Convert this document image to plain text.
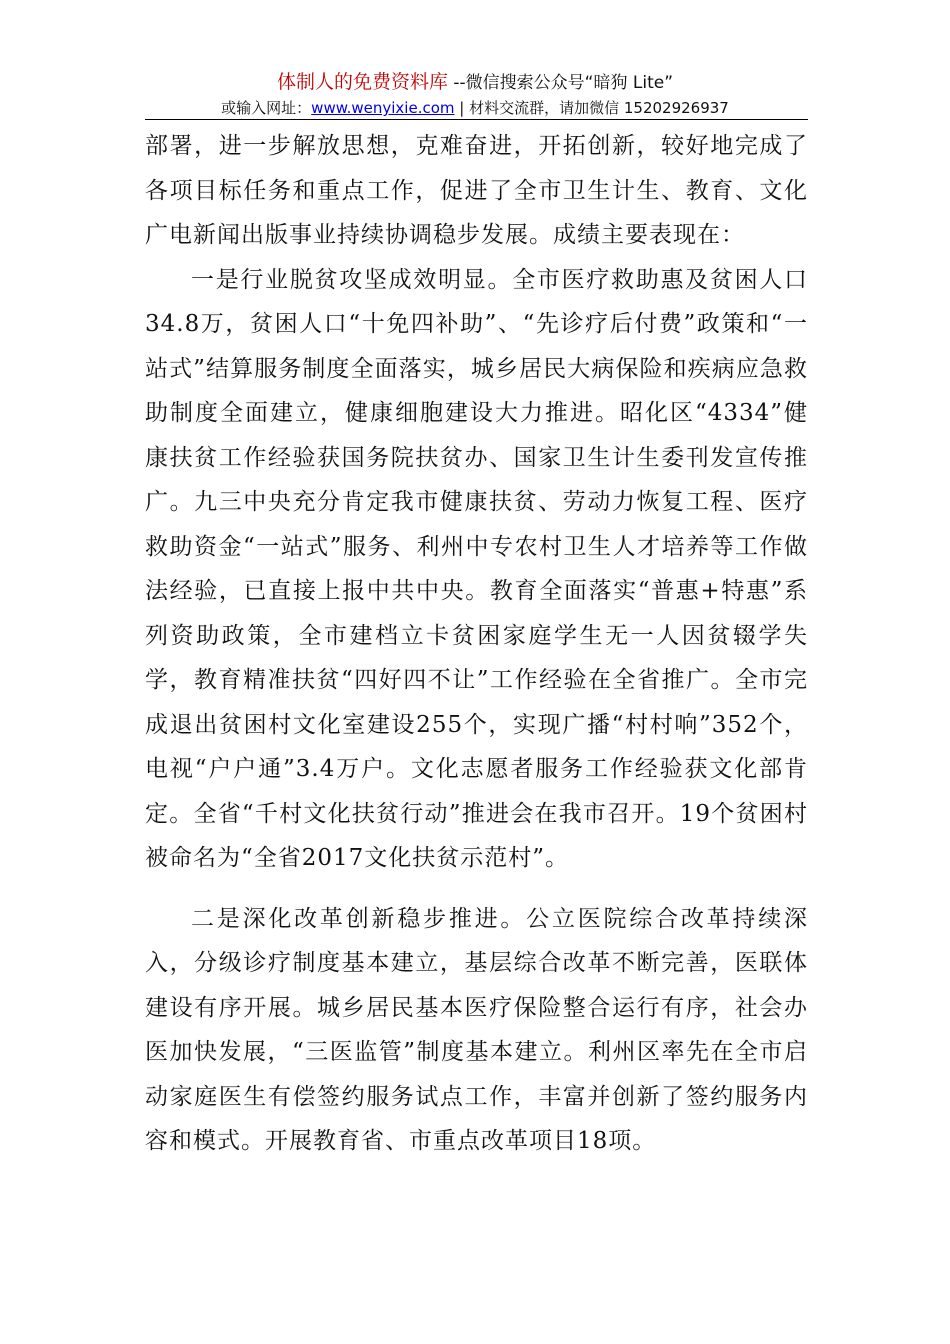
体制人的免费资料库 --微信搜索公众号“暗狗 Lite”
或输入网址：www.wenyixie.com | 材料交流群，请加微信 15202926937

部署，进一步解放思想，克难奋进，开拓创新，较好地完成了各项目标任务和重点工作，促进了全市卫生计生、教育、文化广电新闻出版事业持续协调稳步发展。成绩主要表现在：

一是行业脱贫攻坚成效明显。全市医疗救助惠及贫困人口34.8万，贫困人口“十免四补助”、“先诊疗后付费”政策和“一站式”结算服务制度全面落实，城乡居民大病保险和疾病应急救助制度全面建立，健康细胞建设大力推进。昭化区“4334”健康扶贫工作经验获国务院扶贫办、国家卫生计生委刊发宣传推广。九三中央充分肯定我市健康扶贫、劳动力恢复工程、医疗救助资金“一站式”服务、利州中专农村卫生人才培养等工作做法经验，已直接上报中共中央。教育全面落实“普惠+特惠”系列资助政策，全市建档立卡贫困家庭学生无一人因贫辍学失学，教育精准扶贫“四好四不让”工作经验在全省推广。全市完成退出贫困村文化室建设255个，实现广播“村村响”352个，电视“户户通”3.4万户。文化志愿者服务工作经验获文化部肯定。全省“千村文化扶贫行动”推进会在我市召开。19个贫困村被命名为“全省2017文化扶贫示范村”。

二是深化改革创新稳步推进。公立医院综合改革持续深入，分级诊疗制度基本建立，基层综合改革不断完善，医联体建设有序开展。城乡居民基本医疗保险整合运行有序，社会办医加快发展，“三医监管”制度基本建立。利州区率先在全市启动家庭医生有偿签约服务试点工作，丰富并创新了签约服务内容和模式。开展教育省、市重点改革项目18项。
